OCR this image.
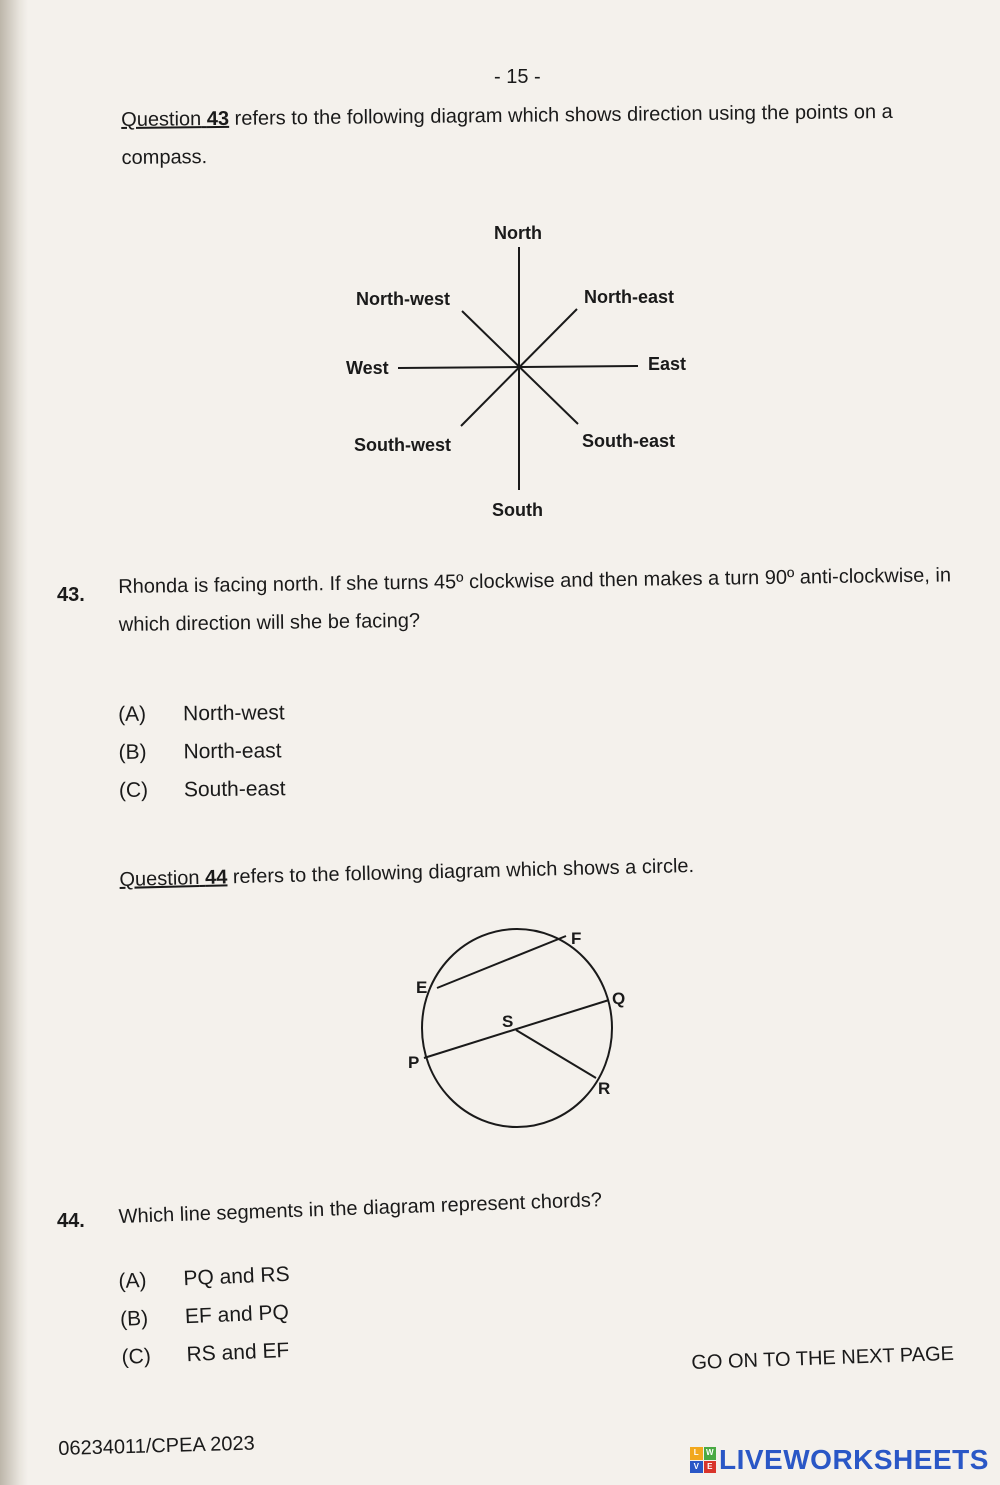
- 15 -
Question 43 refers to the following diagram which shows direction using the points on a compass.
North
North-east
East
South-east
South
South-west
West
North-west
E
F
Q
S
P
R
43. Rhonda is facing north. If she turns 45º clockwise and then makes a turn 90º anti-clockwise, in which direction will she be facing?
(A) North-west
(B) North-east
(C) South-east
Question 44 refers to the following diagram which shows a circle.
44. Which line segments in the diagram represent chords?
(A) PQ and RS
(B) EF and PQ
(C) RS and EF	GO ON TO THE NEXT PAGE
06234011/CPEA 2023	L W
V	E LIVEWORKSHEETS
